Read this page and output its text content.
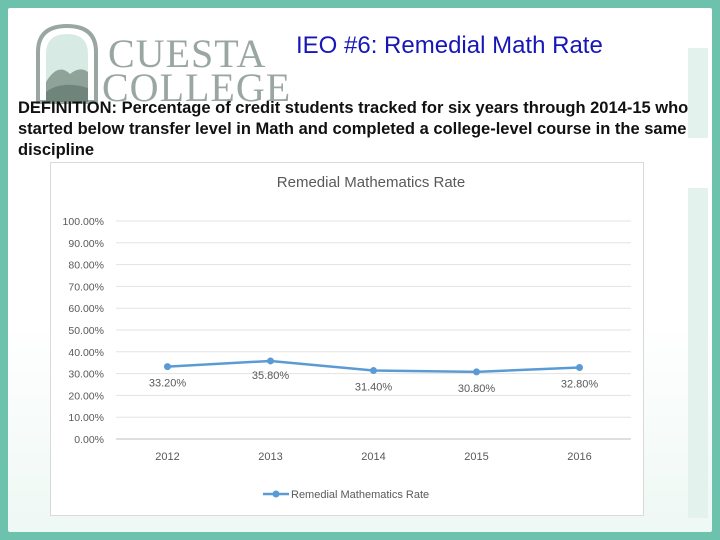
CUESTA
COLLEGE
IEO #6: Remedial Math Rate
DEFINITION: Percentage of credit students tracked for six years through 2014-15 who started below transfer level in Math and completed a college-level course in the same discipline
Remedial Mathematics Rate
0.00%
10.00%
20.00%
30.00%
40.00%
50.00%
60.00%
70.00%
80.00%
90.00%
100.00%
2012	2013	2014	2015	2016
33.20%
35.80%
31.40%	30.80%	32.80%
Remedial Mathematics Rate
